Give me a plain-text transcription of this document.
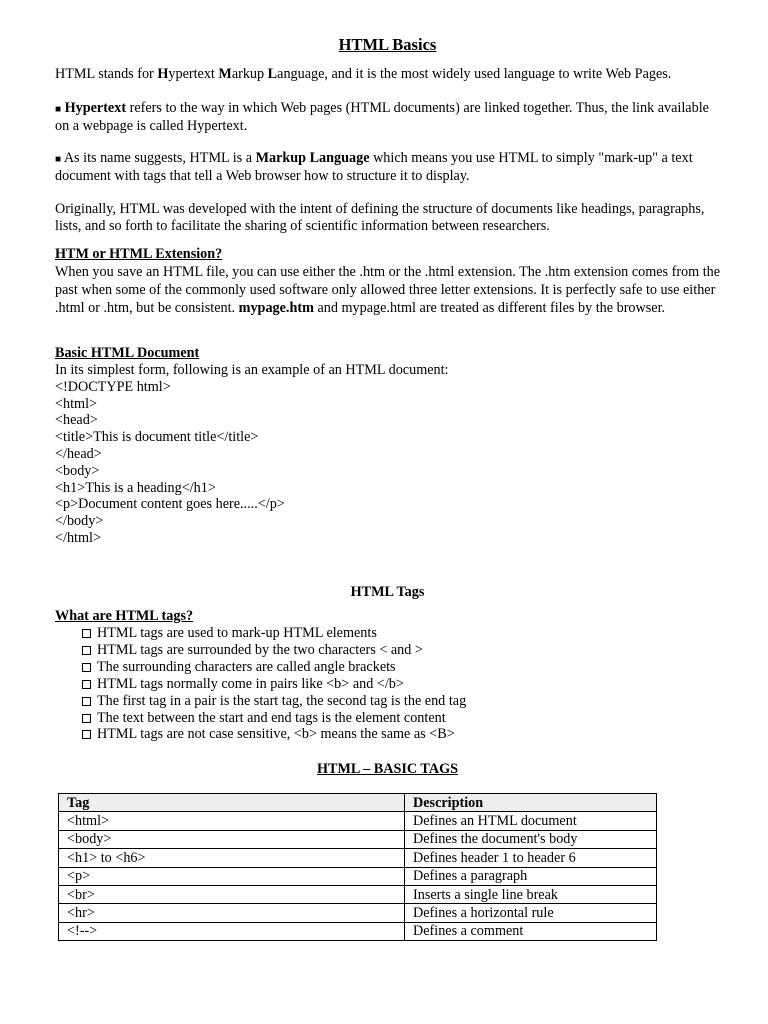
HTML Basics
HTML stands for Hypertext Markup Language, and it is the most widely used language to write Web Pages.
■ Hypertext refers to the way in which Web pages (HTML documents) are linked together. Thus, the link available on a webpage is called Hypertext.
■ As its name suggests, HTML is a Markup Language which means you use HTML to simply "mark-up" a text document with tags that tell a Web browser how to structure it to display.
Originally, HTML was developed with the intent of defining the structure of documents like headings, paragraphs, lists, and so forth to facilitate the sharing of scientific information between researchers.
HTM or HTML Extension?

When you save an HTML file, you can use either the .htm or the .html extension. The .htm extension comes from the past when some of the commonly used software only allowed three letter extensions. It is perfectly safe to use either .html or .htm, but be consistent. mypage.htm and mypage.html are treated as different files by the browser.

Basic HTML Document

In its simplest form, following is an example of an HTML document:

<!DOCTYPE html>

<html>

<head>

<title>This is document title</title>

</head>

<body>

<h1>This is a heading</h1>

<p>Document content goes here.....</p>

</body>

</html>

HTML Tags
What are HTML tags?
HTML tags are used to mark-up HTML elements
HTML tags are surrounded by the two characters < and >
The surrounding characters are called angle brackets
HTML tags normally come in pairs like <b> and </b>
The first tag in a pair is the start tag, the second tag is the end tag
The text between the start and end tags is the element content
HTML tags are not case sensitive, <b> means the same as <B>
HTML – BASIC TAGS
Tag	Description
<html>	Defines an HTML document
<body>	Defines the document's body
<h1> to <h6>	Defines header 1 to header 6
<p>	Defines a paragraph
<br>	Inserts a single line break
<hr>	Defines a horizontal rule
<!-->	Defines a comment
